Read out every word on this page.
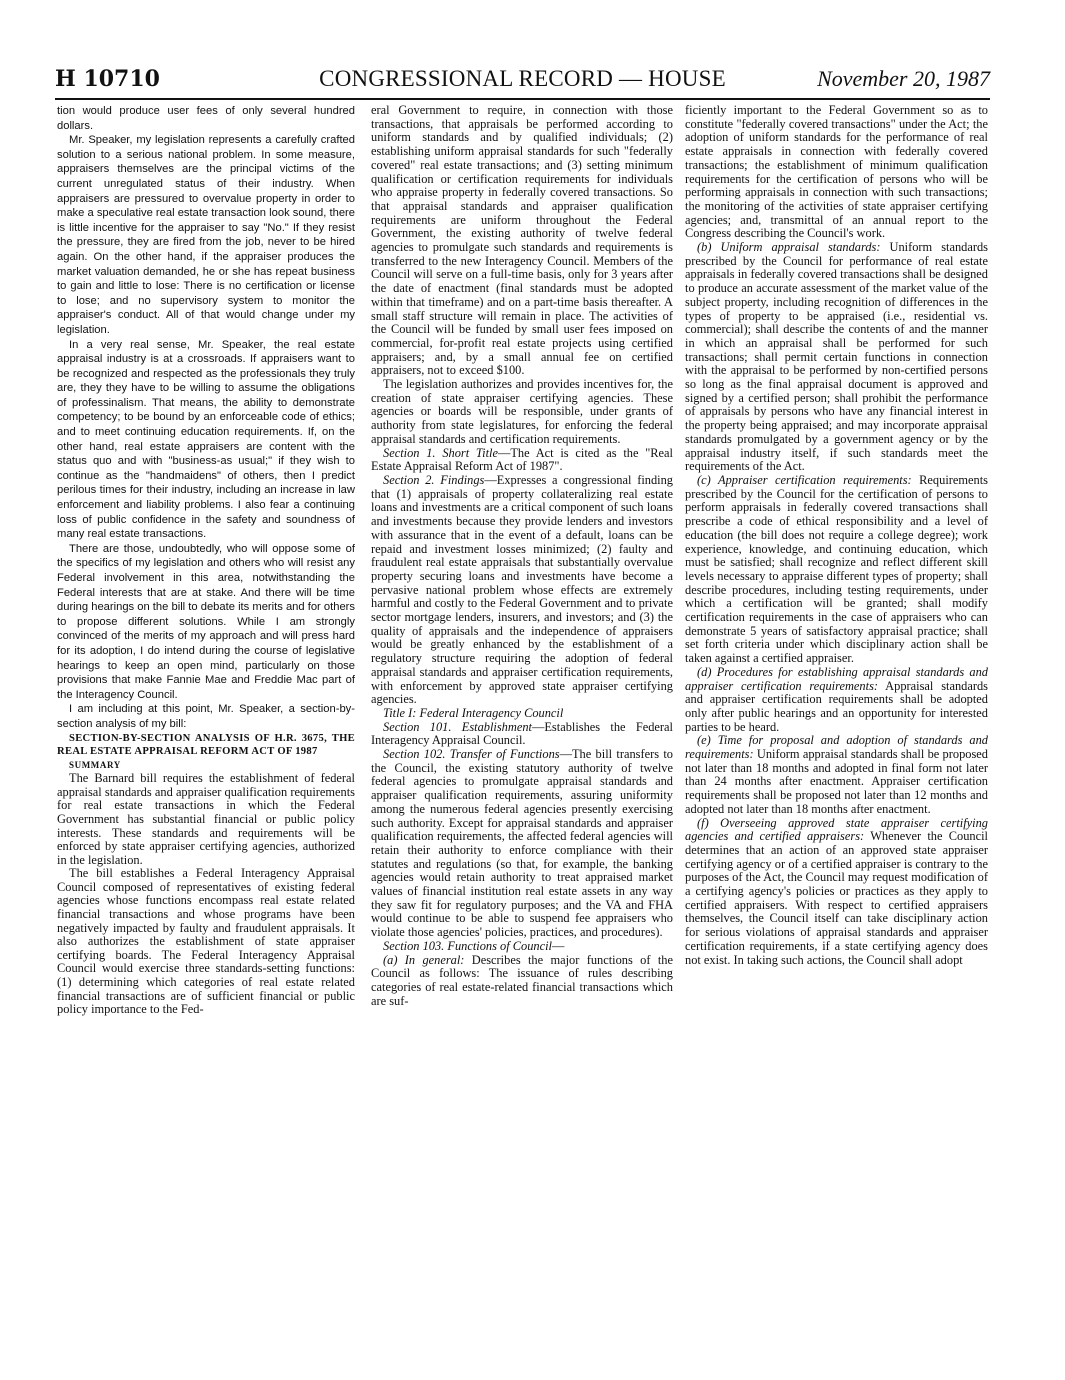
H 10710	CONGRESSIONAL RECORD — HOUSE	November 20, 1987

tion would produce user fees of only several hundred dollars.

Mr. Speaker, my legislation represents a carefully crafted solution to a serious national problem. In some measure, appraisers themselves are the principal victims of the current unregulated status of their industry. When appraisers are pressured to overvalue property in order to make a speculative real estate transaction look sound, there is little incentive for the appraiser to say "No." If they resist the pressure, they are fired from the job, never to be hired again. On the other hand, if the appraiser produces the market valuation demanded, he or she has repeat business to gain and little to lose: There is no certification or license to lose; and no supervisory system to monitor the appraiser's conduct. All of that would change under my legislation.

In a very real sense, Mr. Speaker, the real estate appraisal industry is at a crossroads. If appraisers want to be recognized and respected as the professionals they truly are, they they have to be willing to assume the obligations of professinalism. That means, the ability to demonstrate competency; to be bound by an enforceable code of ethics; and to meet continuing education requirements. If, on the other hand, real estate appraisers are content with the status quo and with "business-as usual;" if they wish to continue as the "handmaidens" of others, then I predict perilous times for their industry, including an increase in law enforcement and liability problems. I also fear a continuing loss of public confidence in the safety and soundness of many real estate transactions.

There are those, undoubtedly, who will oppose some of the specifics of my legislation and others who will resist any Federal involvement in this area, notwithstanding the Federal interests that are at stake. And there will be time during hearings on the bill to debate its merits and for others to propose different solutions. While I am strongly convinced of the merits of my approach and will press hard for its adoption, I do intend during the course of legislative hearings to keep an open mind, particularly on those provisions that make Fannie Mae and Freddie Mac part of the Interagency Council.

I am including at this point, Mr. Speaker, a section-by-section analysis of my bill:

SECTION-BY-SECTION ANALYSIS OF H.R. 3675, THE REAL ESTATE APPRAISAL REFORM ACT OF 1987

SUMMARY

The Barnard bill requires the establishment of federal appraisal standards and appraiser qualification requirements for real estate transactions in which the Federal Government has substantial financial or public policy interests. These standards and requirements will be enforced by state appraiser certifying agencies, authorized in the legislation.

The bill establishes a Federal Interagency Appraisal Council composed of representatives of existing federal agencies whose functions encompass real estate related financial transactions and whose programs have been negatively impacted by faulty and fraudulent appraisals. It also authorizes the establishment of state appraiser certifying boards. The Federal Interagency Appraisal Council would exercise three standards-setting functions: (1) determining which categories of real estate related financial transactions are of sufficient financial or public policy importance to the Fed-

eral Government to require, in connection with those transactions, that appraisals be performed according to uniform standards and by qualified individuals; (2) establishing uniform appraisal standards for such "federally covered" real estate transactions; and (3) setting minimum qualification or certification requirements for individuals who appraise property in federally covered transactions. So that appraisal standards and appraiser qualification requirements are uniform throughout the Federal Government, the existing authority of twelve federal agencies to promulgate such standards and requirements is transferred to the new Interagency Council. Members of the Council will serve on a full-time basis, only for 3 years after the date of enactment (final standards must be adopted within that timeframe) and on a part-time basis thereafter. A small staff structure will remain in place. The activities of the Council will be funded by small user fees imposed on commercial, for-profit real estate projects using certified appraisers; and, by a small annual fee on certified appraisers, not to exceed $100.

The legislation authorizes and provides incentives for, the creation of state appraiser certifying agencies. These agencies or boards will be responsible, under grants of authority from state legislatures, for enforcing the federal appraisal standards and certification requirements.

Section 1. Short Title—The Act is cited as the "Real Estate Appraisal Reform Act of 1987".

Section 2. Findings—Expresses a congressional finding that (1) appraisals of property collateralizing real estate loans and investments are a critical component of such loans and investments because they provide lenders and investors with assurance that in the event of a default, loans can be repaid and investment losses minimized; (2) faulty and fraudulent real estate appraisals that substantially overvalue property securing loans and investments have become a pervasive national problem whose effects are extremely harmful and costly to the Federal Government and to private sector mortgage lenders, insurers, and investors; and (3) the quality of appraisals and the independence of appraisers would be greatly enhanced by the establishment of a regulatory structure requiring the adoption of federal appraisal standards and appraiser certification requirements, with enforcement by approved state appraiser certifying agencies.

Title I: Federal Interagency Council

Section 101. Establishment—Establishes the Federal Interagency Appraisal Council.

Section 102. Transfer of Functions—The bill transfers to the Council, the existing statutory authority of twelve federal agencies to promulgate appraisal standards and appraiser qualification requirements, assuring uniformity among the numerous federal agencies presently exercising such authority. Except for appraisal standards and appraiser qualification requirements, the affected federal agencies will retain their authority to enforce compliance with their statutes and regulations (so that, for example, the banking agencies would retain authority to treat appraised market values of financial institution real estate assets in any way they saw fit for regulatory purposes; and the VA and FHA would continue to be able to suspend fee appraisers who violate those agencies' policies, practices, and procedures).

Section 103. Functions of Council—

(a) In general: Describes the major functions of the Council as follows: The issuance of rules describing categories of real estate-related financial transactions which are suf-

ficiently important to the Federal Government so as to constitute "federally covered transactions" under the Act; the adoption of uniform standards for the performance of real estate appraisals in connection with federally covered transactions; the establishment of minimum qualification requirements for the certification of persons who will be performing appraisals in connection with such transactions; the monitoring of the activities of state appraiser certifying agencies; and, transmittal of an annual report to the Congress describing the Council's work.

(b) Uniform appraisal standards: Uniform standards prescribed by the Council for performance of real estate appraisals in federally covered transactions shall be designed to produce an accurate assessment of the market value of the subject property, including recognition of differences in the types of property to be appraised (i.e., residential vs. commercial); shall describe the contents of and the manner in which an appraisal shall be performed for such transactions; shall permit certain functions in connection with the appraisal to be performed by non-certified persons so long as the final appraisal document is approved and signed by a certified person; shall prohibit the performance of appraisals by persons who have any financial interest in the property being appraised; and may incorporate appraisal standards promulgated by a government agency or by the appraisal industry itself, if such standards meet the requirements of the Act.

(c) Appraiser certification requirements: Requirements prescribed by the Council for the certification of persons to perform appraisals in federally covered transactions shall prescribe a code of ethical responsibility and a level of education (the bill does not require a college degree); work experience, knowledge, and continuing education, which must be satisfied; shall recognize and reflect different skill levels necessary to appraise different types of property; shall describe procedures, including testing requirements, under which a certification will be granted; shall modify certification requirements in the case of appraisers who can demonstrate 5 years of satisfactory appraisal practice; shall set forth criteria under which disciplinary action shall be taken against a certified appraiser.

(d) Procedures for establishing appraisal standards and appraiser certification requirements: Appraisal standards and appraiser certification requirements shall be adopted only after public hearings and an opportunity for interested parties to be heard.

(e) Time for proposal and adoption of standards and requirements: Uniform appraisal standards shall be proposed not later than 18 months and adopted in final form not later than 24 months after enactment. Appraiser certification requirements shall be proposed not later than 12 months and adopted not later than 18 months after enactment.

(f) Overseeing approved state appraiser certifying agencies and certified appraisers: Whenever the Council determines that an action of an approved state appraiser certifying agency or of a certified appraiser is contrary to the purposes of the Act, the Council may request modification of a certifying agency's policies or practices as they apply to certified appraisers. With respect to certified appraisers themselves, the Council itself can take disciplinary action for serious violations of appraisal standards and appraiser certification requirements, if a state certifying agency does not exist. In taking such actions, the Council shall adopt
